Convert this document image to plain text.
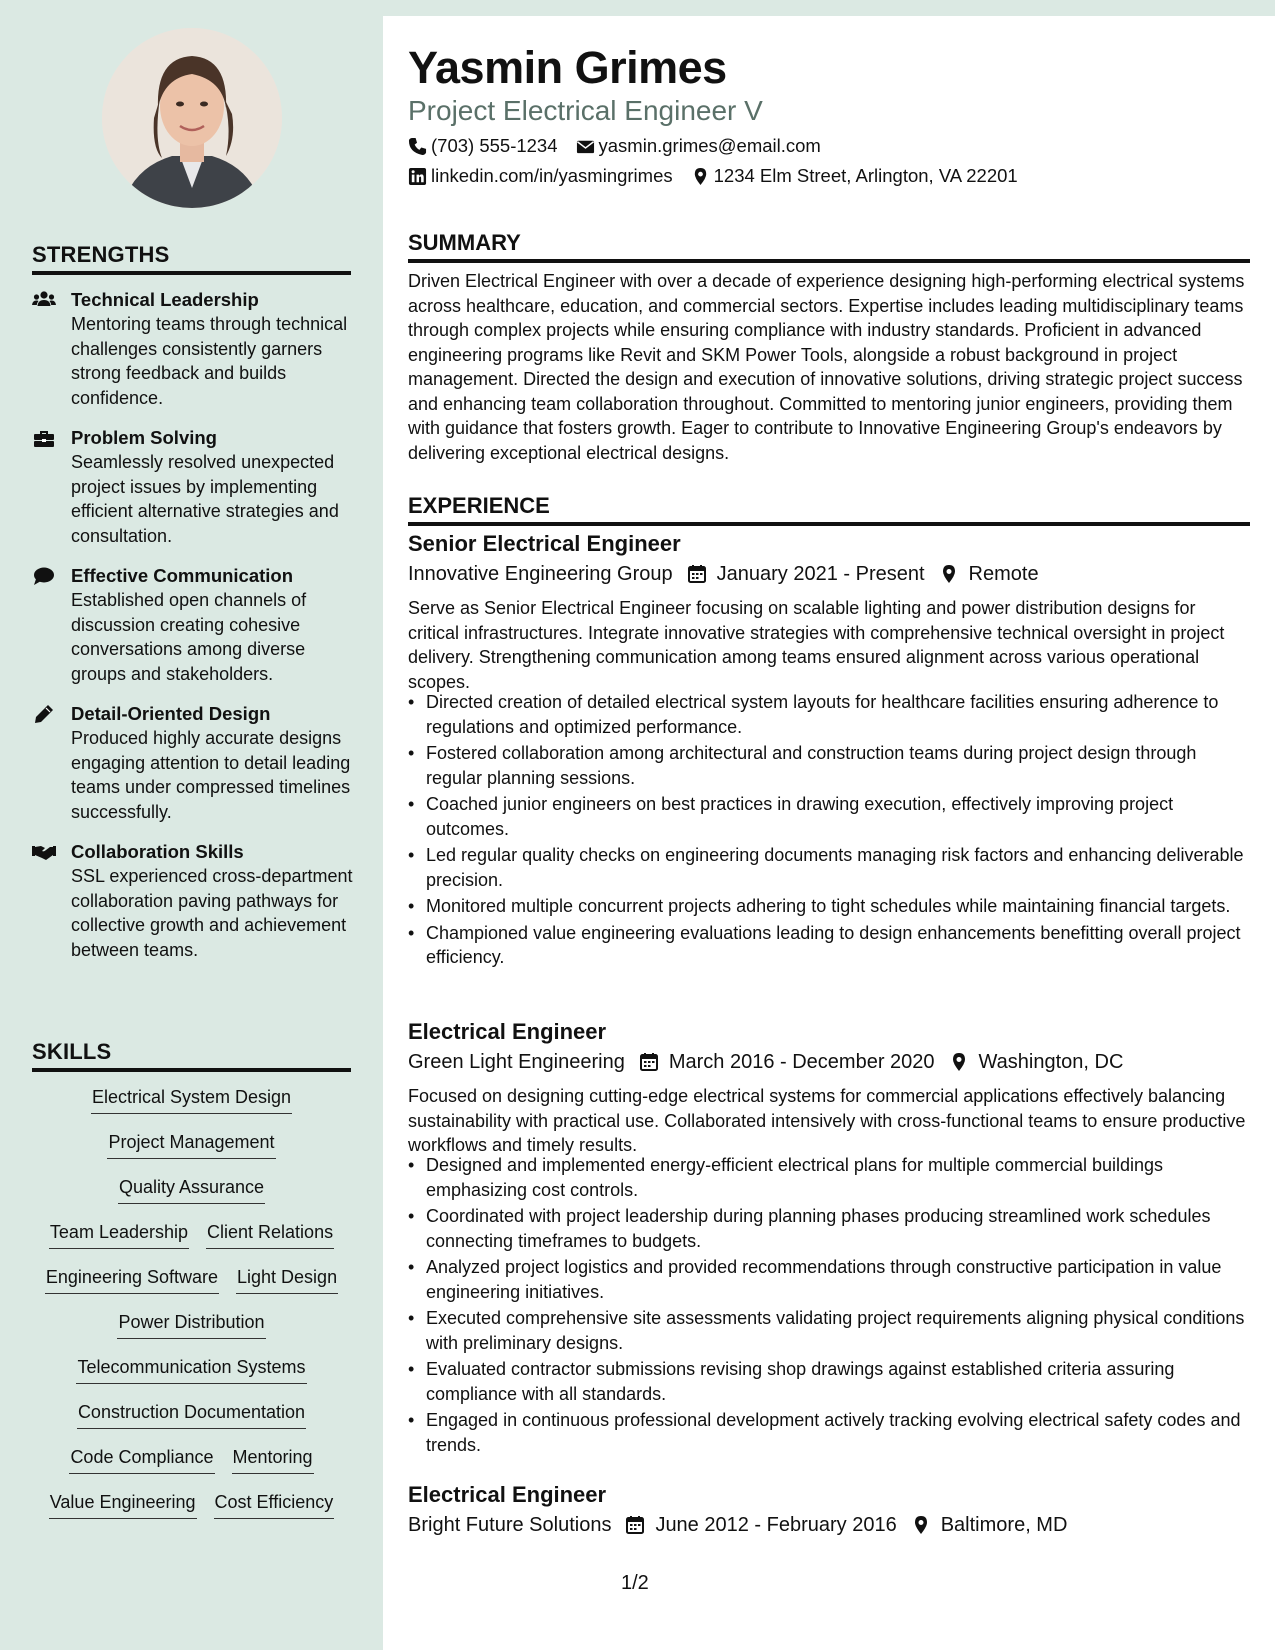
STRENGTHS
Technical Leadership
Mentoring teams through technical challenges consistently garners strong feedback and builds confidence.
Problem Solving
Seamlessly resolved unexpected project issues by implementing efficient alternative strategies and consultation.
Effective Communication
Established open channels of discussion creating cohesive conversations among diverse groups and stakeholders.
Detail-Oriented Design
Produced highly accurate designs engaging attention to detail leading teams under compressed timelines successfully.
Collaboration Skills
SSL experienced cross-department collaboration paving pathways for collective growth and achievement between teams.
SKILLS
Electrical System Design
Project Management
Quality Assurance
Team Leadership Client Relations
Engineering Software Light Design
Power Distribution
Telecommunication Systems
Construction Documentation
Code Compliance Mentoring
Value Engineering Cost Efficiency
Yasmin Grimes
Project Electrical Engineer V
(703) 555-1234 yasmin.grimes@email.com
linkedin.com/in/yasmingrimes 1234 Elm Street, Arlington, VA 22201
SUMMARY
Driven Electrical Engineer with over a decade of experience designing high-performing electrical systems across healthcare, education, and commercial sectors. Expertise includes leading multidisciplinary teams through complex projects while ensuring compliance with industry standards. Proficient in advanced engineering programs like Revit and SKM Power Tools, alongside a robust background in project management. Directed the design and execution of innovative solutions, driving strategic project success and enhancing team collaboration throughout. Committed to mentoring junior engineers, providing them with guidance that fosters growth. Eager to contribute to Innovative Engineering Group's endeavors by delivering exceptional electrical designs.
EXPERIENCE
Senior Electrical Engineer
Innovative Engineering Group January 2021 - Present Remote
Serve as Senior Electrical Engineer focusing on scalable lighting and power distribution designs for critical infrastructures. Integrate innovative strategies with comprehensive technical oversight in project delivery. Strengthening communication among teams ensured alignment across various operational scopes.
• Directed creation of detailed electrical system layouts for healthcare facilities ensuring adherence to regulations and optimized performance.
• Fostered collaboration among architectural and construction teams during project design through regular planning sessions.
• Coached junior engineers on best practices in drawing execution, effectively improving project outcomes.
• Led regular quality checks on engineering documents managing risk factors and enhancing deliverable precision.
• Monitored multiple concurrent projects adhering to tight schedules while maintaining financial targets.
• Championed value engineering evaluations leading to design enhancements benefitting overall project efficiency.
Electrical Engineer
Green Light Engineering March 2016 - December 2020 Washington, DC
Focused on designing cutting-edge electrical systems for commercial applications effectively balancing sustainability with practical use. Collaborated intensively with cross-functional teams to ensure productive workflows and timely results.
• Designed and implemented energy-efficient electrical plans for multiple commercial buildings emphasizing cost controls.
• Coordinated with project leadership during planning phases producing streamlined work schedules connecting timeframes to budgets.
• Analyzed project logistics and provided recommendations through constructive participation in value engineering initiatives.
• Executed comprehensive site assessments validating project requirements aligning physical conditions with preliminary designs.
• Evaluated contractor submissions revising shop drawings against established criteria assuring compliance with all standards.
• Engaged in continuous professional development actively tracking evolving electrical safety codes and trends.
Electrical Engineer
Bright Future Solutions June 2012 - February 2016 Baltimore, MD
1/2
